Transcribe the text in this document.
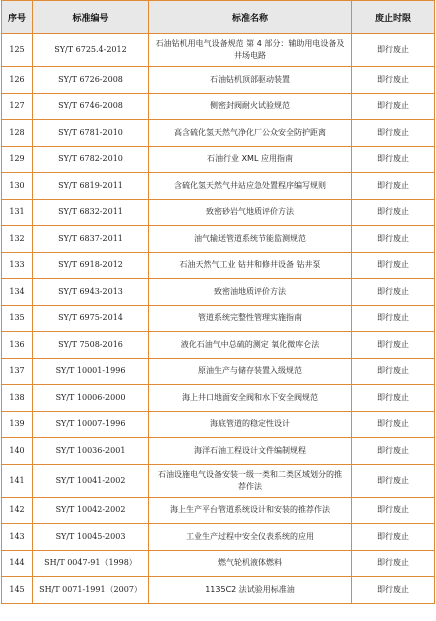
序号	标准编号	标准名称	废止时限
125	SY/T 6725.4-2012	石油钻机用电气设备规范 第 4 部分：辅助用电设备及井场电路	即行废止
126	SY/T 6726-2008	石油钻机顶部驱动装置	即行废止
127	SY/T 6746-2008	侧密封阀耐火试验规范	即行废止
128	SY/T 6781-2010	高含硫化氢天然气净化厂公众安全防护距离	即行废止
129	SY/T 6782-2010	石油行业 XML 应用指南	即行废止
130	SY/T 6819-2011	含硫化氢天然气井站应急处置程序编写规则	即行废止
131	SY/T 6832-2011	致密砂岩气地质评价方法	即行废止
132	SY/T 6837-2011	油气输送管道系统节能监测规范	即行废止
133	SY/T 6918-2012	石油天然气工业 钻井和修井设备 钻井泵	即行废止
134	SY/T 6943-2013	致密油地质评价方法	即行废止
135	SY/T 6975-2014	管道系统完整性管理实施指南	即行废止
136	SY/T 7508-2016	液化石油气中总硫的测定 氧化微库仑法	即行废止
137	SY/T 10001-1996	原油生产与储存装置入级规范	即行废止
138	SY/T 10006-2000	海上井口地面安全阀和水下安全阀规范	即行废止
139	SY/T 10007-1996	海底管道的稳定性设计	即行废止
140	SY/T 10036-2001	海洋石油工程设计文件编制规程	即行废止
141	SY/T 10041-2002	石油设施电气设备安装一级一类和二类区域划分的推荐作法	即行废止
142	SY/T 10042-2002	海上生产平台管道系统设计和安装的推荐作法	即行废止
143	SY/T 10045-2003	工业生产过程中安全仪表系统的应用	即行废止
144	SH/T 0047-91（1998）	燃气轮机液体燃料	即行废止
145	SH/T 0071-1991（2007）	1135C2 法试验用标准油	即行废止
